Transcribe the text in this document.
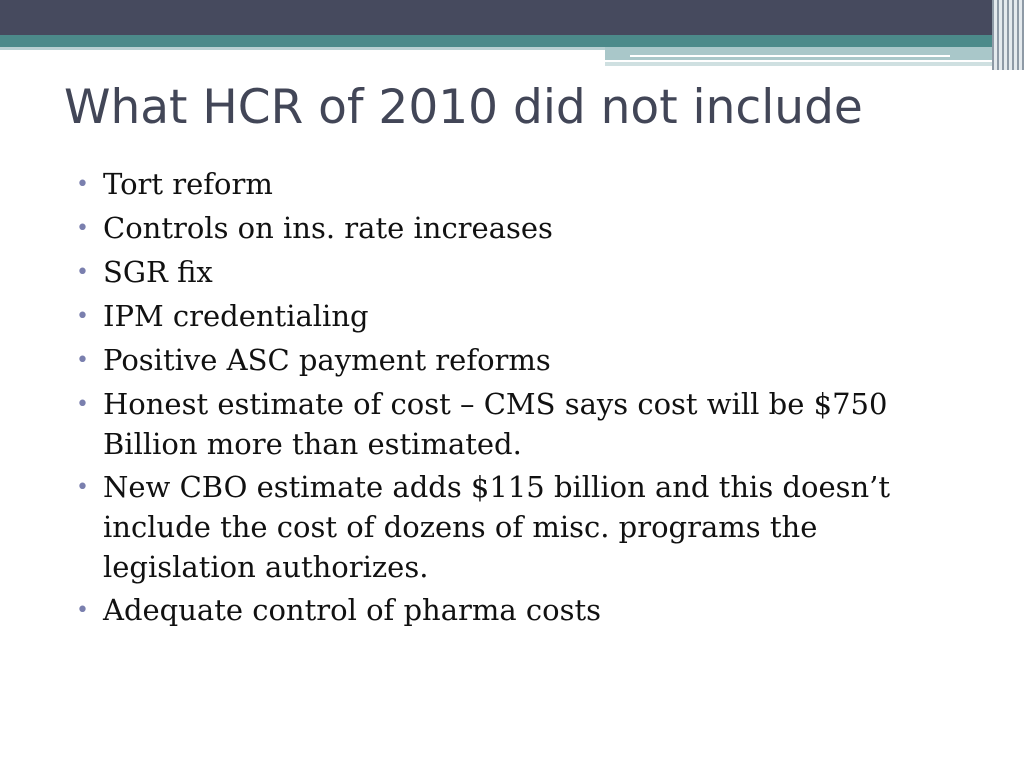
What HCR of 2010 did not include
• Tort reform
• Controls on ins. rate increases
• SGR fix
• IPM credentialing
• Positive ASC payment reforms
• Honest estimate of cost – CMS says cost will be $750 Billion more than estimated.
• New CBO estimate adds $115 billion and this doesn’t include the cost of dozens of misc. programs the legislation authorizes.
• Adequate control of pharma costs
